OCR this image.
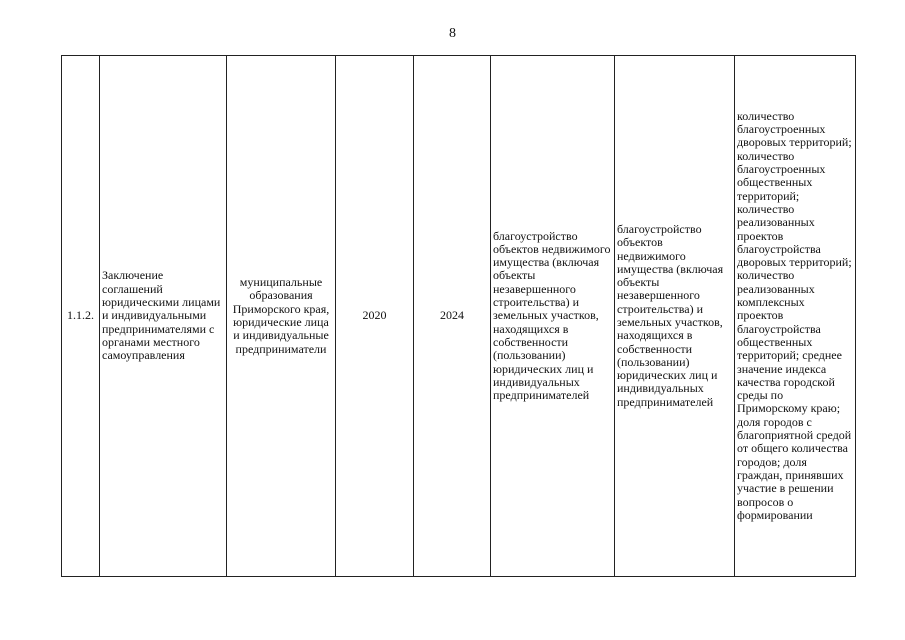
8
1.1.2.	Заключение соглашений юридическими лицами и индивидуальными предпринимателями с органами местного самоуправления	муниципальные образования Приморского края, юридические лица и индивидуальные предприниматели	2020	2024	благоустройство объектов недвижимого имущества (включая объекты незавершенного строительства) и земельных участков, находящихся в собственности (пользовании) юридических лиц и индивидуальных предпринимателей	благоустройство объектов недвижимого имущества (включая объекты незавершенного строительства) и земельных участков, находящихся в собственности (пользовании) юридических лиц и индивидуальных предпринимателей	количество благоустроенных дворовых территорий; количество благоустроенных общественных территорий; количество реализованных проектов благоустройства дворовых территорий; количество реализованных комплексных проектов благоустройства общественных территорий; среднее значение индекса качества городской среды по Приморскому краю; доля городов с благоприятной средой от общего количества городов; доля граждан, принявших участие в решении вопросов о формировании
